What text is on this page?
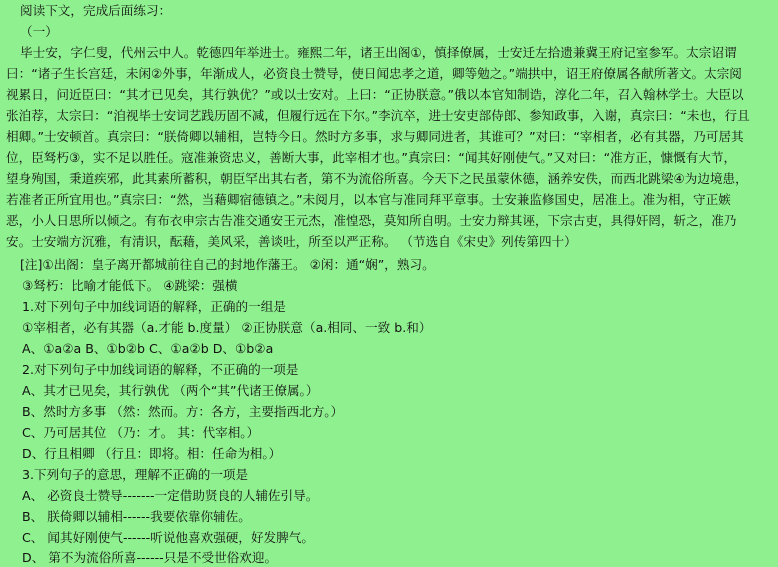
阅读下文，完成后面练习：
（一）
毕士安，字仁叟，代州云中人。乾德四年举进士。雍熙二年，诸王出阁①，慎择僚属，士安迁左拾遗兼冀王府记室参军。太宗诏谓
曰：“诸子生长宫廷，未闲②外事，年渐成人，必资良士赞导，使日闻忠孝之道，卿等勉之。”端拱中，诏王府僚属各献所著文。太宗阅
视累日，问近臣曰：“其才已见矣，其行孰优？”或以士安对。上曰：“正协朕意。”俄以本官知制诰，淳化二年，召入翰林学士。大臣以
张洎荐，太宗曰：“洎视毕士安词艺践历固不减，但履行远在下尔。”李沆卒，进士安吏部侍郎、参知政事，入谢，真宗曰：“未也，行且
相卿。”士安顿首。真宗曰：“朕倚卿以辅相，岂特今日。然时方多事，求与卿同进者，其谁可？”对曰：“宰相者，必有其器，乃可居其
位，臣驽朽③，实不足以胜任。寇准兼资忠义，善断大事，此宰相才也。”真宗曰：“闻其好刚使气。”又对曰：“准方正，慷慨有大节，
望身殉国，秉道疾邪，此其素所蓄积，朝臣罕出其右者，第不为流俗所喜。今天下之民虽蒙休德，涵养安佚，而西北跳梁④为边境患，
若准者正所宜用也。”真宗曰：“然，当藉卿宿德镇之。”未阅月，以本官与准同拜平章事。士安兼监修国史，居准上。准为相，守正嫉
恶，小人日思所以倾之。有布衣申宗古告准交通安王元杰，准惶恐，莫知所自明。士安力辩其诬，下宗古吏，具得奸罔，斩之，准乃
安。士安端方沉雅，有清识，酝藉，美风采，善谈吐，所至以严正称。 （节选自《宋史》列传第四十）
[注]①出阁：皇子离开都城前往自己的封地作藩王。 ②闲：通“娴”，熟习。
③驽朽：比喻才能低下。 ④跳梁：强横
1.对下列句子中加线词语的解释，正确的一组是
①宰相者，必有其器（a.才能 b.度量） ②正协朕意（a.相同、一致 b.和）
A、①a②a B、①b②b C、①a②b D、①b②a
2.对下列句子中加线词语的解释，不正确的一项是
A、其才已见矣，其行孰优 （两个“其”代诸王僚属。）
B、然时方多事 （然：然而。方：各方，主要指西北方。）
C、乃可居其位 （乃：才。 其：代宰相。）
D、行且相卿 （行且：即将。相：任命为相。）
3.下列句子的意思，理解不正确的一项是
A、 必资良士赞导-------一定借助贤良的人辅佐引导。
B、 朕倚卿以辅相------我要依靠你辅佐。
C、 闻其好刚使气------听说他喜欢强硬，好发脾气。
D、 第不为流俗所喜------只是不受世俗欢迎。
